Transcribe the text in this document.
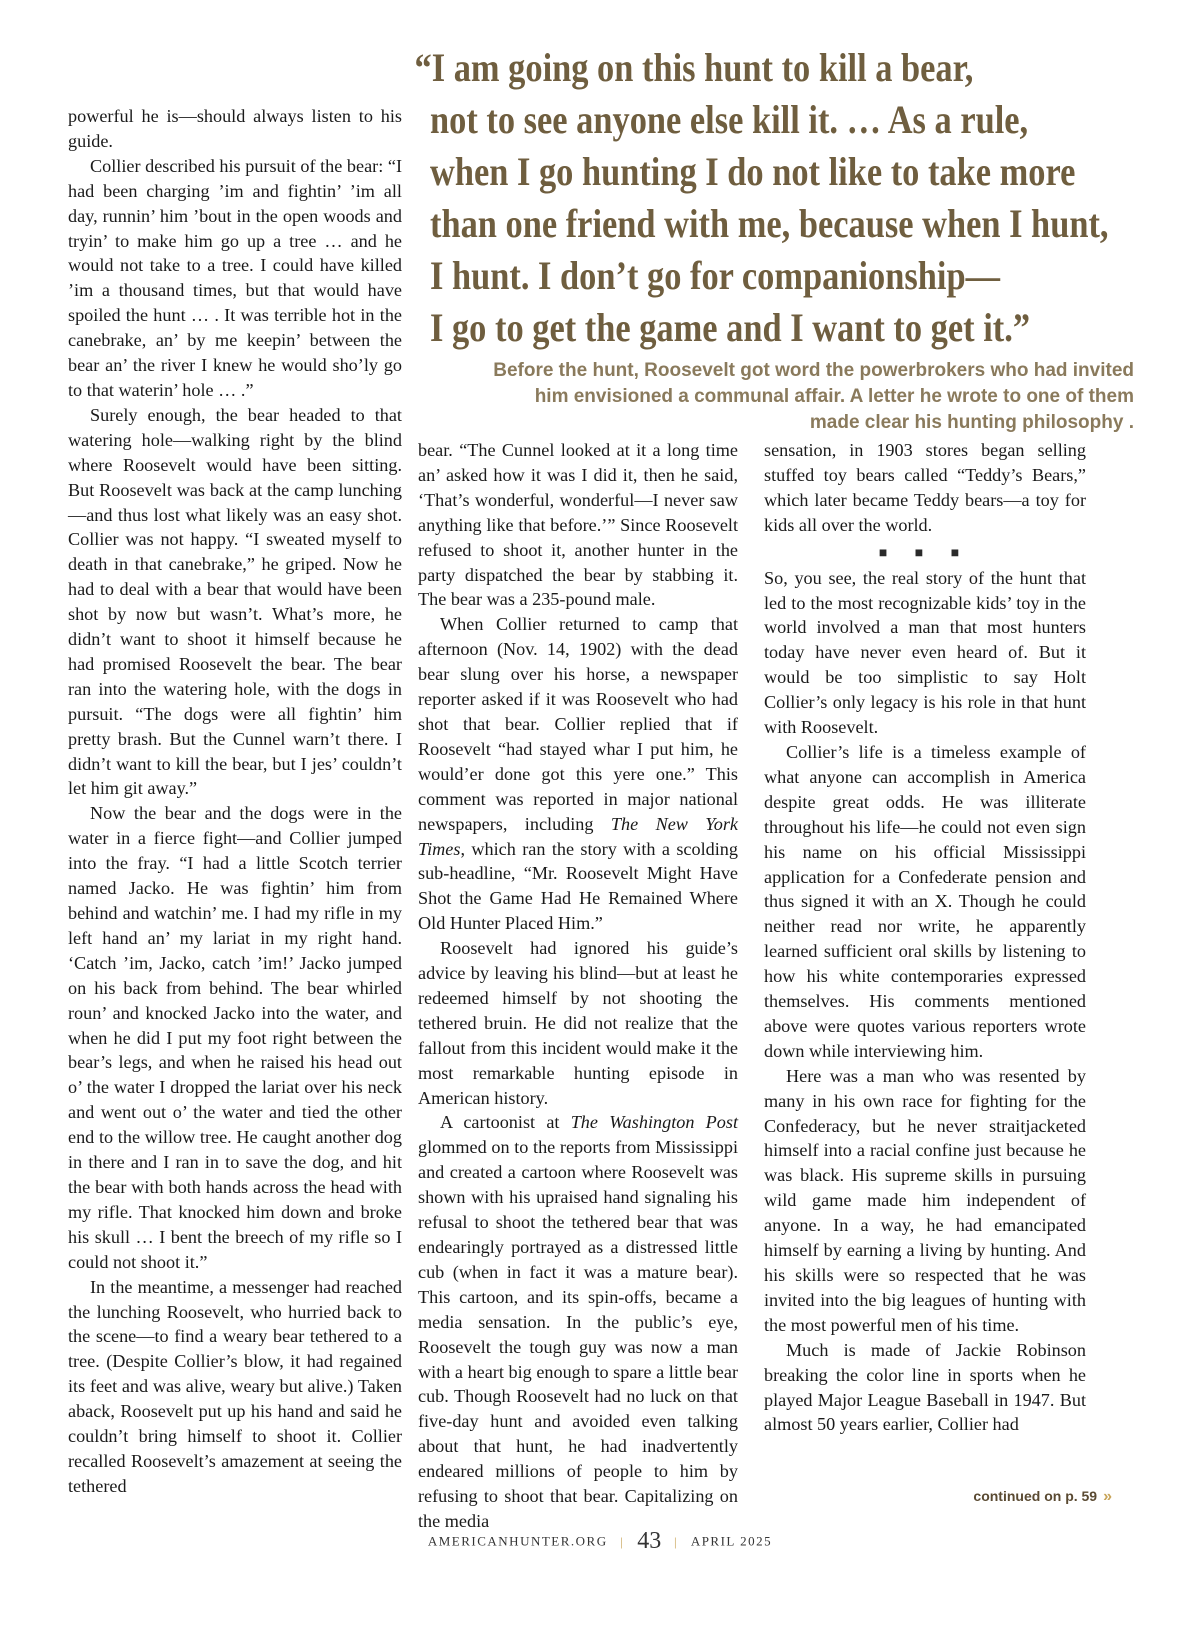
“I am going on this hunt to kill a bear,
not to see anyone else kill it. … As a rule,
when I go hunting I do not like to take more
than one friend with me, because when I hunt,
I hunt. I don’t go for companionship—
I go to get the game and I want to get it.”
Before the hunt, Roosevelt got word the powerbrokers who had invited
him envisioned a communal affair. A letter he wrote to one of them
made clear his hunting philosophy .

powerful he is—should always listen to his guide.

Collier described his pursuit of the bear: “I had been charging ’im and fightin’ ’im all day, runnin’ him ’bout in the open woods and tryin’ to make him go up a tree … and he would not take to a tree. I could have killed ’im a thousand times, but that would have spoiled the hunt … . It was terrible hot in the canebrake, an’ by me keepin’ between the bear an’ the river I knew he would sho’ly go to that waterin’ hole … .”

Surely enough, the bear headed to that watering hole—walking right by the blind where Roosevelt would have been sitting. But Roosevelt was back at the camp lunching—and thus lost what likely was an easy shot. Collier was not happy. “I sweated myself to death in that canebrake,” he griped. Now he had to deal with a bear that would have been shot by now but wasn’t. What’s more, he didn’t want to shoot it himself because he had promised Roosevelt the bear. The bear ran into the watering hole, with the dogs in pursuit. “The dogs were all fightin’ him pretty brash. But the Cunnel warn’t there. I didn’t want to kill the bear, but I jes’ couldn’t let him git away.”

Now the bear and the dogs were in the water in a fierce fight—and Collier jumped into the fray. “I had a little Scotch terrier named Jacko. He was fightin’ him from behind and watchin’ me. I had my rifle in my left hand an’ my lariat in my right hand. ‘Catch ’im, Jacko, catch ’im!’ Jacko jumped on his back from behind. The bear whirled roun’ and knocked Jacko into the water, and when he did I put my foot right between the bear’s legs, and when he raised his head out o’ the water I dropped the lariat over his neck and went out o’ the water and tied the other end to the willow tree. He caught another dog in there and I ran in to save the dog, and hit the bear with both hands across the head with my rifle. That knocked him down and broke his skull … I bent the breech of my rifle so I could not shoot it.”

In the meantime, a messenger had reached the lunching Roosevelt, who hurried back to the scene—to find a weary bear tethered to a tree. (Despite Collier’s blow, it had regained its feet and was alive, weary but alive.) Taken aback, Roosevelt put up his hand and said he couldn’t bring himself to shoot it. Collier recalled Roosevelt’s amazement at seeing the tethered

bear. “The Cunnel looked at it a long time an’ asked how it was I did it, then he said, ‘That’s wonderful, wonderful—I never saw anything like that before.’” Since Roosevelt refused to shoot it, another hunter in the party dispatched the bear by stabbing it. The bear was a 235-pound male.

When Collier returned to camp that afternoon (Nov. 14, 1902) with the dead bear slung over his horse, a newspaper reporter asked if it was Roosevelt who had shot that bear. Collier replied that if Roosevelt “had stayed whar I put him, he would’er done got this yere one.” This comment was reported in major national newspapers, including The New York Times, which ran the story with a scolding sub-headline, “Mr. Roosevelt Might Have Shot the Game Had He Remained Where Old Hunter Placed Him.”

Roosevelt had ignored his guide’s advice by leaving his blind—but at least he redeemed himself by not shooting the tethered bruin. He did not realize that the fallout from this incident would make it the most remarkable hunting episode in American history.

A cartoonist at The Washington Post glommed on to the reports from Mississippi and created a cartoon where Roosevelt was shown with his upraised hand signaling his refusal to shoot the tethered bear that was endearingly portrayed as a distressed little cub (when in fact it was a mature bear). This cartoon, and its spin-offs, became a media sensation. In the public’s eye, Roosevelt the tough guy was now a man with a heart big enough to spare a little bear cub. Though Roosevelt had no luck on that five-day hunt and avoided even talking about that hunt, he had inadvertently endeared millions of people to him by refusing to shoot that bear. Capitalizing on the media

sensation, in 1903 stores began selling stuffed toy bears called “Teddy’s Bears,” which later became Teddy bears—a toy for kids all over the world.

■ ■ ■

So, you see, the real story of the hunt that led to the most recognizable kids’ toy in the world involved a man that most hunters today have never even heard of. But it would be too simplistic to say Holt Collier’s only legacy is his role in that hunt with Roosevelt.

Collier’s life is a timeless example of what anyone can accomplish in America despite great odds. He was illiterate throughout his life—he could not even sign his name on his official Mississippi application for a Confederate pension and thus signed it with an X. Though he could neither read nor write, he apparently learned sufficient oral skills by listening to how his white contemporaries expressed themselves. His comments mentioned above were quotes various reporters wrote down while interviewing him.

Here was a man who was resented by many in his own race for fighting for the Confederacy, but he never straitjacketed himself into a racial confine just because he was black. His supreme skills in pursuing wild game made him independent of anyone. In a way, he had emancipated himself by earning a living by hunting. And his skills were so respected that he was invited into the big leagues of hunting with the most powerful men of his time.

Much is made of Jackie Robinson breaking the color line in sports when he played Major League Baseball in 1947. But almost 50 years earlier, Collier had

continued on p. 59 »
AMERICANHUNTER.ORG | 43 | APRIL 2025
